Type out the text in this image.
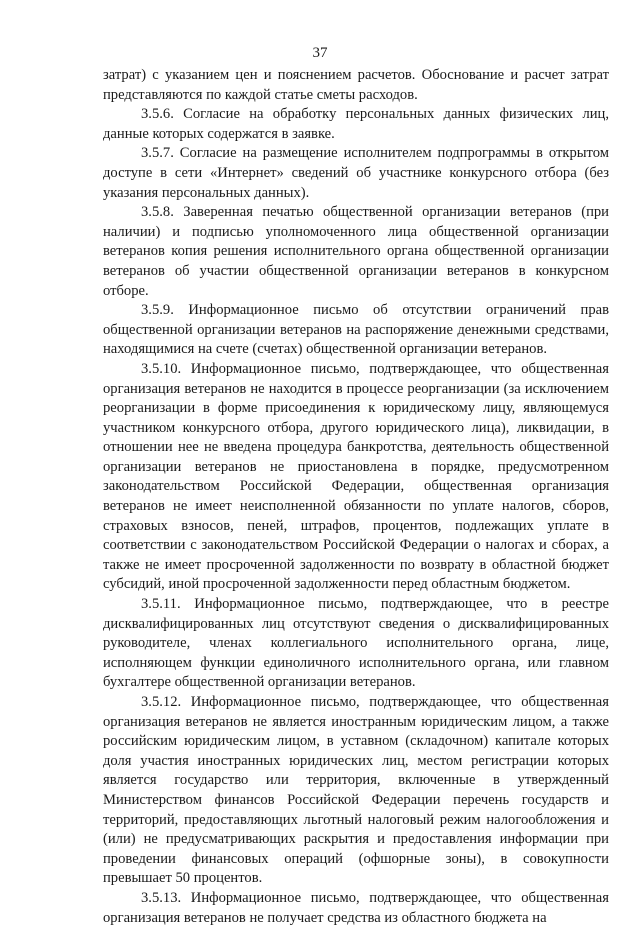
37

затрат) с указанием цен и пояснением расчетов. Обоснование и расчет затрат представляются по каждой статье сметы расходов.

3.5.6. Согласие на обработку персональных данных физических лиц, данные которых содержатся в заявке.

3.5.7. Согласие на размещение исполнителем подпрограммы в открытом доступе в сети «Интернет» сведений об участнике конкурсного отбора (без указания персональных данных).

3.5.8. Заверенная печатью общественной организации ветеранов (при наличии) и подписью уполномоченного лица общественной организации ветеранов копия решения исполнительного органа общественной организации ветеранов об участии общественной организации ветеранов в конкурсном отборе.

3.5.9. Информационное письмо об отсутствии ограничений прав общественной организации ветеранов на распоряжение денежными средствами, находящимися на счете (счетах) общественной организации ветеранов.

3.5.10. Информационное письмо, подтверждающее, что общественная организация ветеранов не находится в процессе реорганизации (за исключением реорганизации в форме присоединения к юридическому лицу, являющемуся участником конкурсного отбора, другого юридического лица), ликвидации, в отношении нее не введена процедура банкротства, деятельность общественной организации ветеранов не приостановлена в порядке, предусмотренном законодательством Российской Федерации, общественная организация ветеранов не имеет неисполненной обязанности по уплате налогов, сборов, страховых взносов, пеней, штрафов, процентов, подлежащих уплате в соответствии с законодательством Российской Федерации о налогах и сборах, а также не имеет просроченной задолженности по возврату в областной бюджет субсидий, иной просроченной задолженности перед областным бюджетом.

3.5.11. Информационное письмо, подтверждающее, что в реестре дисквалифицированных лиц отсутствуют сведения о дисквалифицированных руководителе, членах коллегиального исполнительного органа, лице, исполняющем функции единоличного исполнительного органа, или главном бухгалтере общественной организации ветеранов.

3.5.12. Информационное письмо, подтверждающее, что общественная организация ветеранов не является иностранным юридическим лицом, а также российским юридическим лицом, в уставном (складочном) капитале которых доля участия иностранных юридических лиц, местом регистрации которых является государство или территория, включенные в утвержденный Министерством финансов Российской Федерации перечень государств и территорий, предоставляющих льготный налоговый режим налогообложения и (или) не предусматривающих раскрытия и предоставления информации при проведении финансовых операций (офшорные зоны), в совокупности превышает 50 процентов.

3.5.13. Информационное письмо, подтверждающее, что общественная организация ветеранов не получает средства из областного бюджета на
